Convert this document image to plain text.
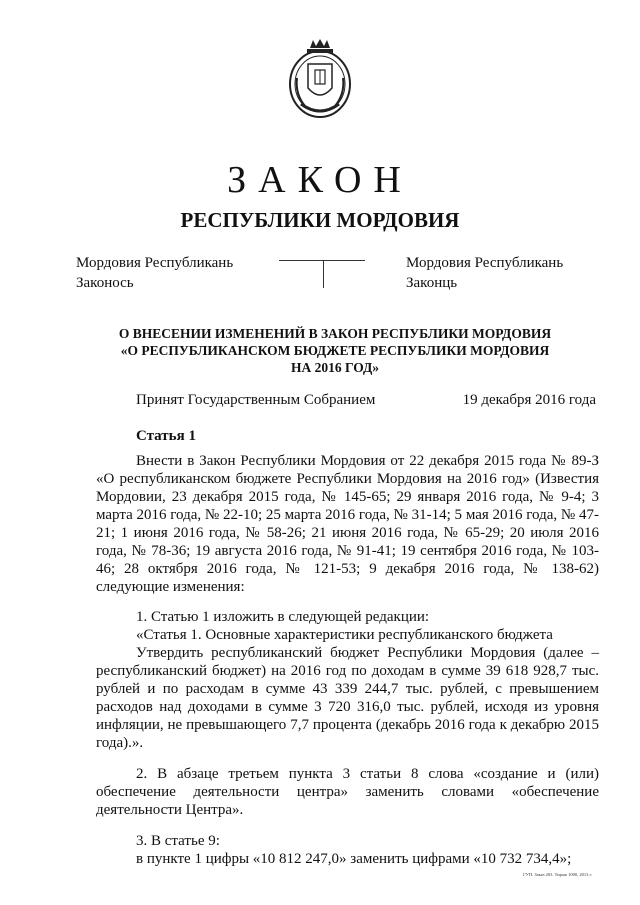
ЗАКОН
РЕСПУБЛИКИ МОРДОВИЯ
Мордовия Республикань
Законось
Мордовия Республикань
Законць
О ВНЕСЕНИИ ИЗМЕНЕНИЙ В ЗАКОН РЕСПУБЛИКИ МОРДОВИЯ
«О РЕСПУБЛИКАНСКОМ БЮДЖЕТЕ РЕСПУБЛИКИ МОРДОВИЯ
НА 2016 ГОД»
Принят Государственным Собранием	19 декабря 2016 года
Статья 1

Внести в Закон Республики Мордовия от 22 декабря 2015 года № 89-З «О республиканском бюджете Республики Мордовия на 2016 год» (Известия Мордовии, 23 декабря 2015 года, № 145-65; 29 января 2016 года, № 9-4; 3 марта 2016 года, № 22-10; 25 марта 2016 года, № 31-14; 5 мая 2016 года, № 47-21; 1 июня 2016 года, № 58-26; 21 июня 2016 года, № 65-29; 20 июля 2016 года, № 78-36; 19 августа 2016 года, № 91-41; 19 сентября 2016 года, № 103-46; 28 октября 2016 года, № 121-53; 9 декабря 2016 года, № 138-62) следующие изменения:

1. Статью 1 изложить в следующей редакции:

«Статья 1. Основные характеристики республиканского бюджета

Утвердить республиканский бюджет Республики Мордовия (далее – республиканский бюджет) на 2016 год по доходам в сумме 39 618 928,7 тыс. рублей и по расходам в сумме 43 339 244,7 тыс. рублей, с превышением расходов над доходами в сумме 3 720 316,0 тыс. рублей, исходя из уровня инфляции, не превышающего 7,7 процента (декабрь 2016 года к декабрю 2015 года).».

2. В абзаце третьем пункта 3 статьи 8 слова «создание и (или) обеспечение деятельности центра» заменить словами «обеспечение деятельности Центра».

3. В статье 9:

в пункте 1 цифры «10 812 247,0» заменить цифрами «10 732 734,4»;

ГУП. Заказ 203. Тираж 1000, 2013 г.
